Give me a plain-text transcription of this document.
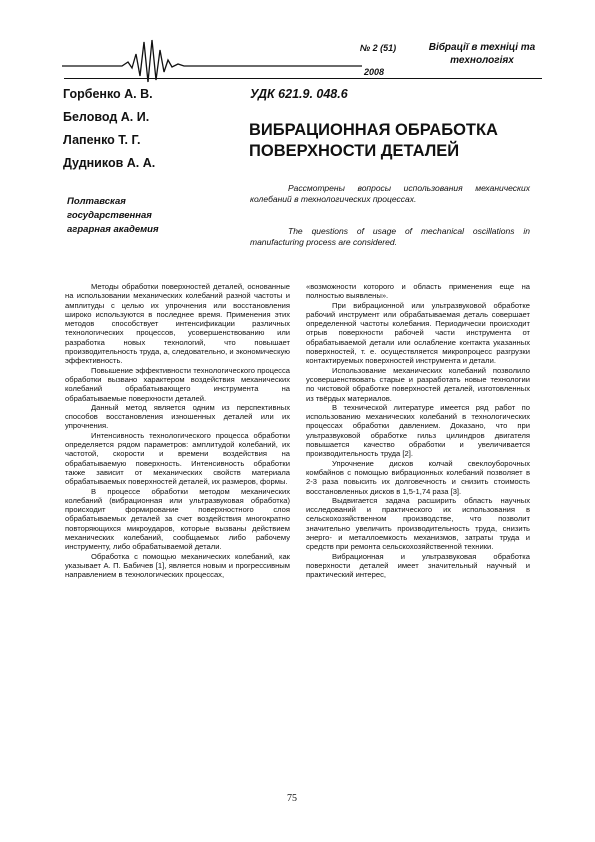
№ 2 (51)
2008
Вібрації в техніці та технологіях
Горбенко А. В.
Беловод А. И.
Лапенко Т. Г.
Дудников А. А.
Полтавская государственная аграрная академия
УДК 621.9. 048.6
ВИБРАЦИОННАЯ ОБРАБОТКА ПОВЕРХНОСТИ ДЕТАЛЕЙ
Рассмотрены вопросы использования механических колебаний в технологических процессах.
The questions of usage of mechanical oscillations in manufacturing process are considered.

Методы обработки поверхностей деталей, основанные на использовании механических колебаний разной частоты и амплитуды с целью их упрочнения или восстановления широко используются в последнее время. Применения этих методов способствует интенсификации различных технологических процессов, усовершенствованию или разработка новых технологий, что повышает производительность труда, а, следовательно, и экономическую эффективность.

Повышение эффективности технологического процесса обработки вызвано характером воздействия механических колебаний обрабатывающего инструмента на обрабатываемые поверхности деталей.

Данный метод является одним из перспективных способов восстановления изношенных деталей или их упрочнения.

Интенсивность технологического процесса обработки определяется рядом параметров: амплитудой колебаний, их частотой, скорости и времени воздействия на обрабатываемую поверхность. Интенсивность обработки также зависит от механических свойств материала обрабатываемых поверхностей деталей, их размеров, формы.

В процессе обработки методом механических колебаний (вибрационная или ультразвуковая обработка) происходит формирование поверхностного слоя обрабатываемых деталей за счет воздействия многократно повторяющихся микроударов, которые вызваны действием механических колебаний, сообщаемых либо рабочему инструменту, либо обрабатываемой детали.

Обработка с помощью механических колебаний, как указывает А. П. Бабичев [1], является новым и прогрессивным направлением в технологических процессах,

«возможности которого и область применения еще на полностью выявлены».

При вибрационной или ультразвуковой обработке рабочий инструмент или обрабатываемая деталь совершает определенной частоты колебания. Периодически происходит отрыв поверхности рабочей части инструмента от обрабатываемой детали или ослабление контакта указанных поверхностей, т. е. осуществляется микропроцесс разгрузки контактируемых поверхностей инструмента и детали.

Использование механических колебаний позволило усовершенствовать старые и разработать новые технологии по чистовой обработке поверхностей деталей, изготовленных из твёрдых материалов.

В технической литературе имеется ряд работ по использованию механических колебаний в технологических процессах обработки давлением. Доказано, что при ультразвуковой обработке гильз цилиндров двигателя повышается качество обработки и увеличивается производительность труда [2].

Упрочнение дисков колчай свеклоуборочных комбайнов с помощью вибрационных колебаний позволяет в 2-3 раза повысить их долговечность и снизить стоимость восстановленных дисков в 1,5-1,74 раза [3].

Выдвигается задача расширить область научных исследований и практического их использования в сельскохозяйственном производстве, что позволит значительно увеличить производительность труда, снизить энерго- и металлоемкость механизмов, затраты труда и средств при ремонта сельскохозяйственной техники.

Вибрационная и ультразвуковая обработка поверхности деталей имеет значительный научный и практический интерес,

75
